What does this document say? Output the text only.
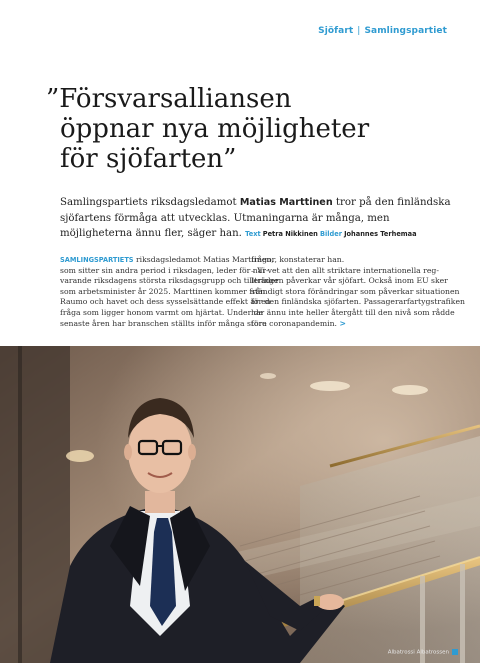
Sjöfart | Samlingspartiet
”Försvarsalliansen
öppnar nya möjligheter
för sjöfarten”

Samlingspartiets riksdagsledamot Matias Marttinen tror på den finländska sjöfartens förmåga att utvecklas. Utmaningarna är många, men möjligheterna ännu fler, säger han. Text Petra Nikkinen Bilder Johannes Terhemaa

SAMLINGSPARTIETS riksdagsledamot Matias Marttinen,
som sitter sin andra period i riksdagen, leder för när-
varande riksdagens största riksdagsgrupp och tillträder
som arbetsminister år 2025. Marttinen kommer från
Raumo och havet och dess sysselsättande effekt är en
fråga som ligger honom varmt om hjärtat. Under de
senaste åren har branschen ställts inför många stora
frågor, konstaterar han.
– Vi vet att den allt striktare internationella reg-
leringen påverkar vår sjöfart. Också inom EU sker
ständigt stora förändringar som påverkar situationen
för den finländska sjöfarten. Passagerarfartygstrafiken
har ännu inte heller återgått till den nivå som rådde
före coronapandemin. >
Albatrossi Albatrossen
